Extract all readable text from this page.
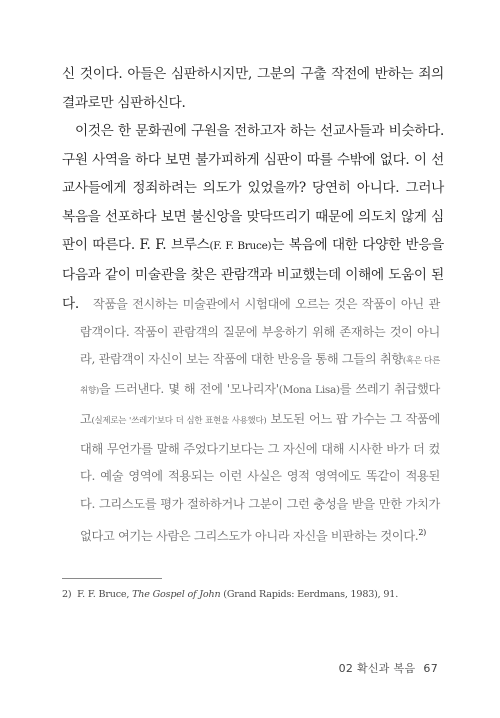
신 것이다. 아들은 심판하시지만, 그분의 구출 작전에 반하는 죄의 결과로만 심판하신다.

이것은 한 문화권에 구원을 전하고자 하는 선교사들과 비슷하다. 구원 사역을 하다 보면 불가피하게 심판이 따를 수밖에 없다. 이 선교사들에게 정죄하려는 의도가 있었을까? 당연히 아니다. 그러나 복음을 선포하다 보면 불신앙을 맞닥뜨리기 때문에 의도치 않게 심판이 따른다. F. F. 브루스(F. F. Bruce)는 복음에 대한 다양한 반응을 다음과 같이 미술관을 찾은 관람객과 비교했는데 이해에 도움이 된다.	작품을 전시하는 미술관에서 시험대에 오르는 것은 작품이 아닌 관람객이다. 작품이 관람객의 질문에 부응하기 위해 존재하는 것이 아니라, 관람객이 자신이 보는 작품에 대한 반응을 통해 그들의 취향(혹은 다른 취향)을 드러낸다. 몇 해 전에 '모나리자'(Mona Lisa)를 쓰레기 취급했다고(실제로는 '쓰레기'보다 더 심한 표현을 사용했다) 보도된 어느 팝 가수는 그 작품에 대해 무언가를 말해 주었다기보다는 그 자신에 대해 시사한 바가 더 컸다. 예술 영역에 적용되는 이런 사실은 영적 영역에도 똑같이 적용된다. 그리스도를 평가 절하하거나 그분이 그런 충성을 받을 만한 가치가 없다고 여기는 사람은 그리스도가 아니라 자신을 비판하는 것이다.$^{2)}$

2) F. F. Bruce, The Gospel of John (Grand Rapids: Eerdmans, 1983), 91.

02 확신과 복음 67
